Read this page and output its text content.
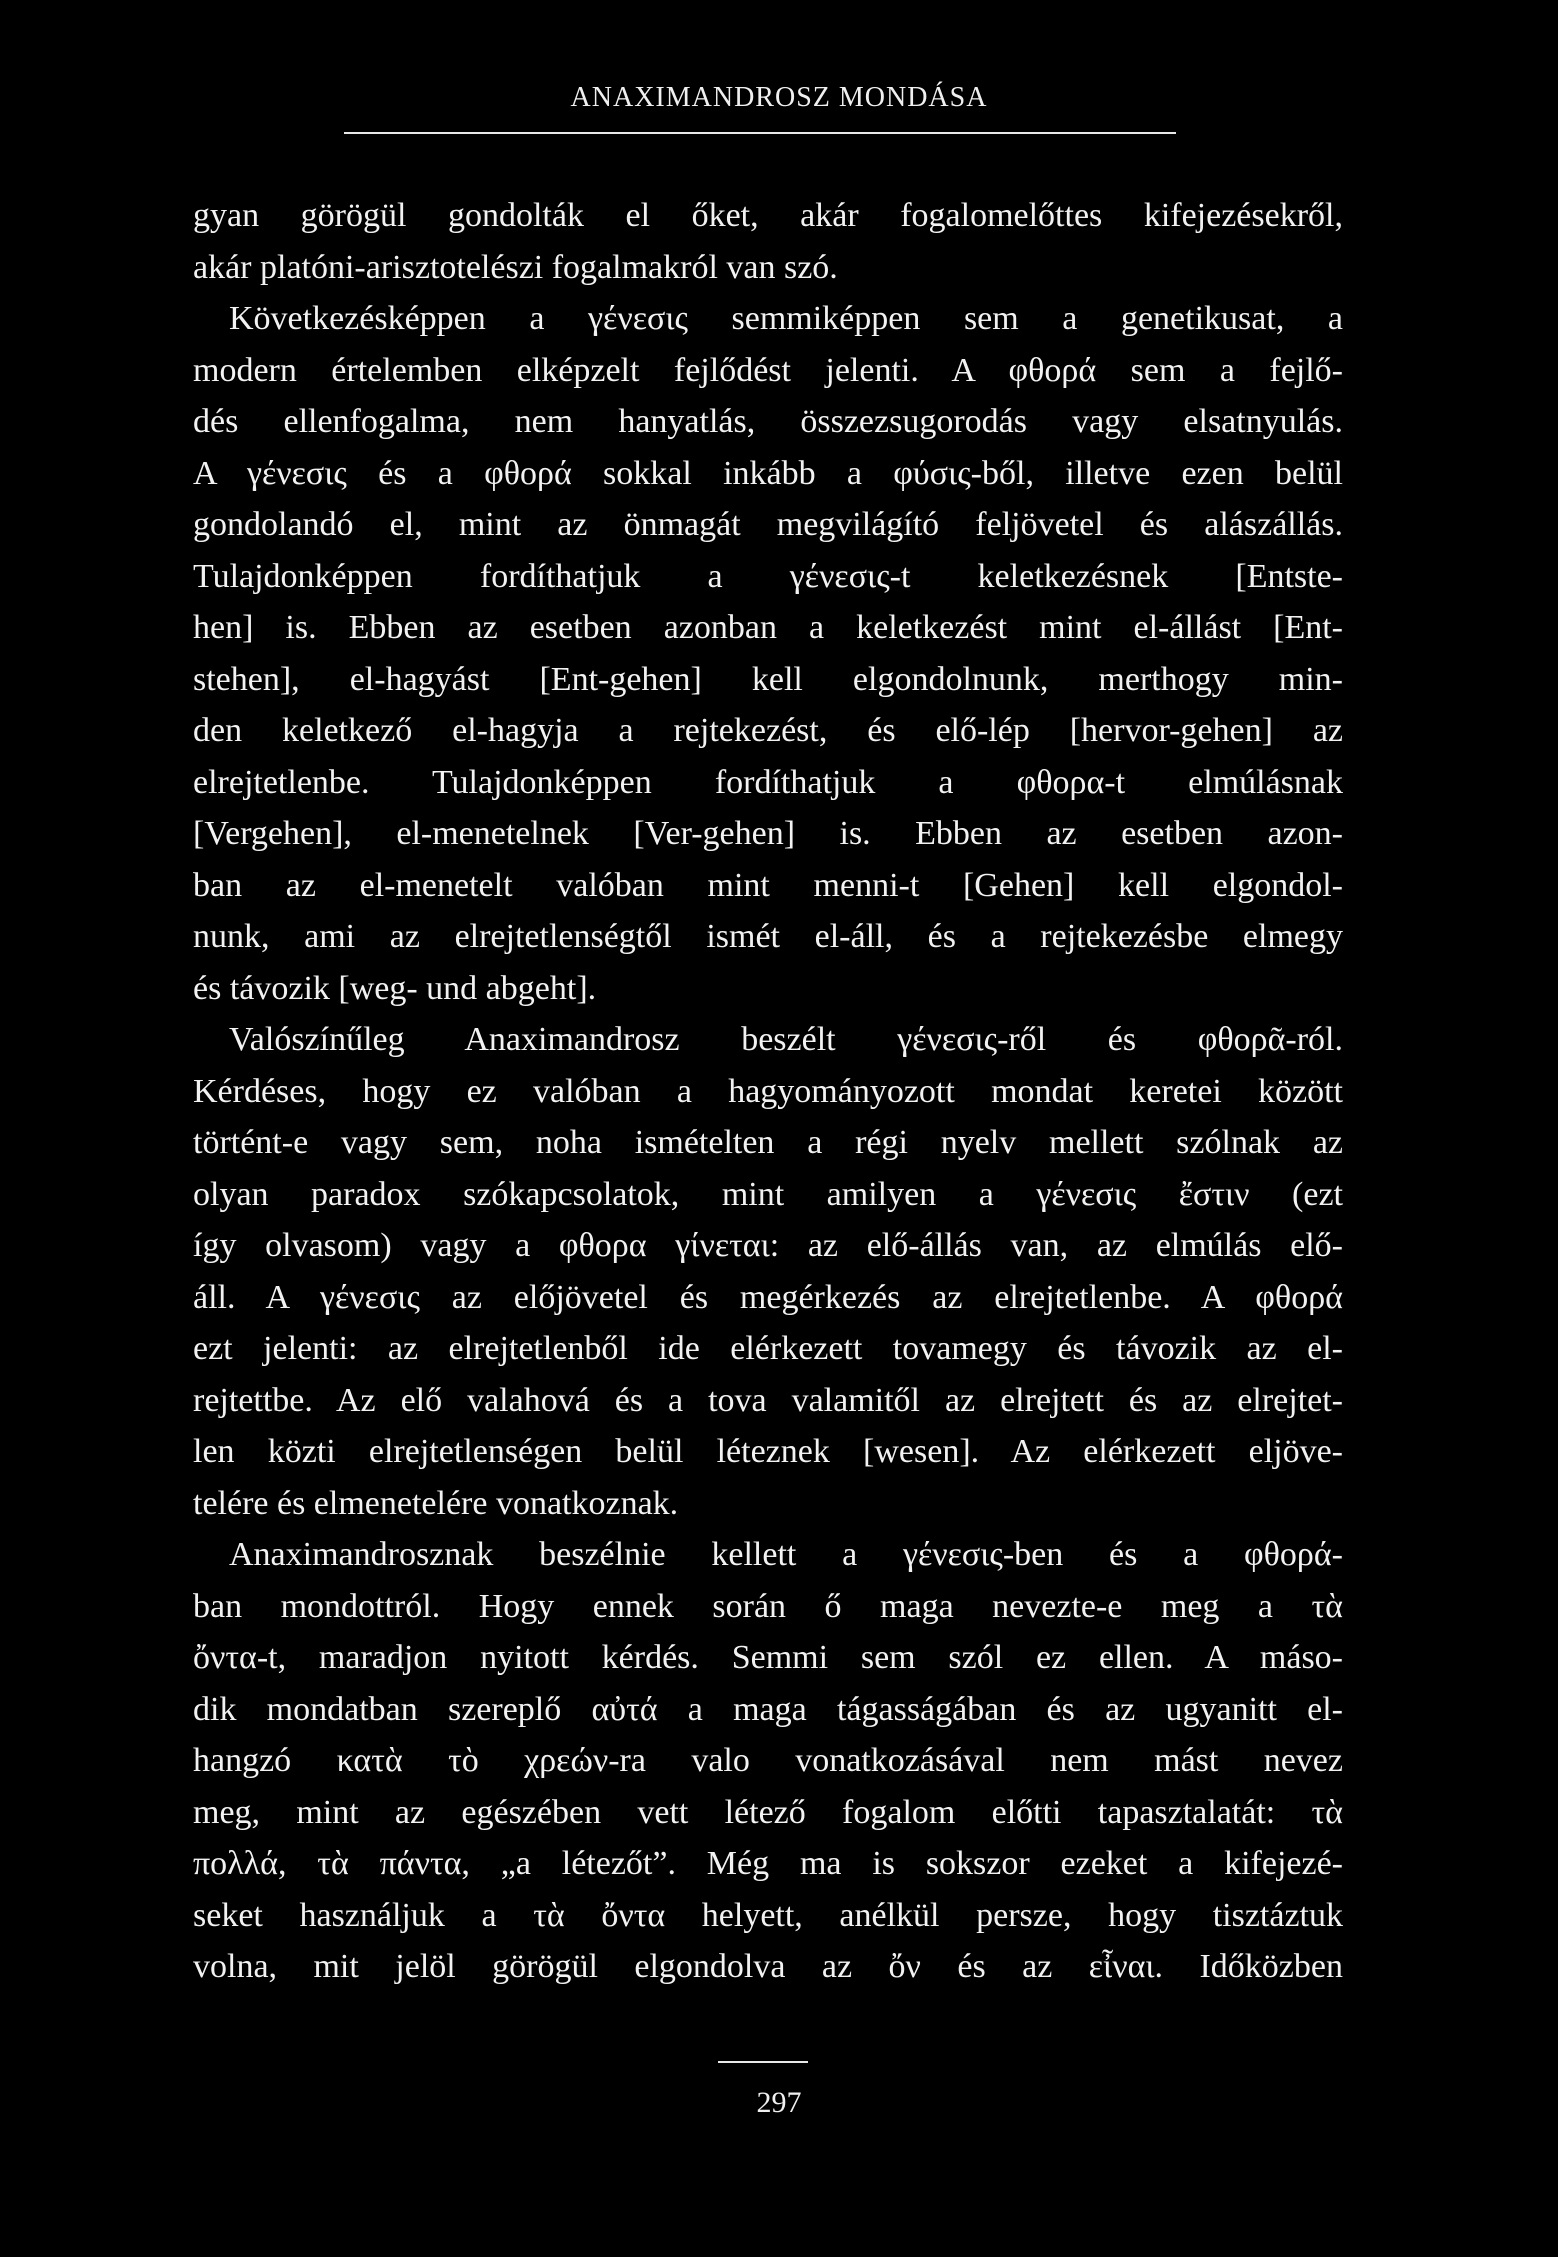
ANAXIMANDROSZ MONDÁSA
gyan görögül gondolták el őket, akár fogalomelőttes kifejezésekről,
akár platóni-arisztotelészi fogalmakról van szó.
Következésképpen a γένεσις semmiképpen sem a genetikusat, a
modern értelemben elképzelt fejlődést jelenti. A φθορά sem a fejlő-
dés ellenfogalma, nem hanyatlás, összezsugorodás vagy elsatnyulás.
A γένεσις és a φθορά sokkal inkább a φύσις-ből, illetve ezen belül
gondolandó el, mint az önmagát megvilágító feljövetel és alászállás.
Tulajdonképpen fordíthatjuk a γένεσις-t keletkezésnek [Entste-
hen] is. Ebben az esetben azonban a keletkezést mint el-állást [Ent-
stehen], el-hagyást [Ent-gehen] kell elgondolnunk, merthogy min-
den keletkező el-hagyja a rejtekezést, és elő-lép [hervor-gehen] az
elrejtetlenbe. Tulajdonképpen fordíthatjuk a φθορα-t elmúlásnak
[Vergehen], el-menetelnek [Ver-gehen] is. Ebben az esetben azon-
ban az el-menetelt valóban mint menni-t [Gehen] kell elgondol-
nunk, ami az elrejtetlenségtől ismét el-áll, és a rejtekezésbe elmegy
és távozik [weg- und abgeht].
Valószínűleg Anaximandrosz beszélt γένεσις-ről és φθορᾶ-ról.
Kérdéses, hogy ez valóban a hagyományozott mondat keretei között
történt-e vagy sem, noha ismételten a régi nyelv mellett szólnak az
olyan paradox szókapcsolatok, mint amilyen a γένεσις ἔστιν (ezt
így olvasom) vagy a φθορα γίνεται: az elő-állás van, az elmúlás elő-
áll. A γένεσις az előjövetel és megérkezés az elrejtetlenbe. A φθορά
ezt jelenti: az elrejtetlenből ide elérkezett tovamegy és távozik az el-
rejtettbe. Az elő valahová és a tova valamitől az elrejtett és az elrejtet-
len közti elrejtetlenségen belül léteznek [wesen]. Az elérkezett eljöve-
telére és elmenetelére vonatkoznak.
Anaximandrosznak beszélnie kellett a γένεσις-ben és a φθορά-
ban mondottról. Hogy ennek során ő maga nevezte-e meg a τὰ
ὄντα-t, maradjon nyitott kérdés. Semmi sem szól ez ellen. A máso-
dik mondatban szereplő αὐτά a maga tágasságában és az ugyanitt el-
hangzó κατὰ τὸ χρεών-ra valo vonatkozásával nem mást nevez
meg, mint az egészében vett létező fogalom előtti tapasztalatát: τὰ
πολλά, τὰ πάντα, „a létezőt”. Még ma is sokszor ezeket a kifejezé-
seket használjuk a τὰ ὄντα helyett, anélkül persze, hogy tisztáztuk
volna, mit jelöl görögül elgondolva az ὄν és az εἶναι. Időközben
297
